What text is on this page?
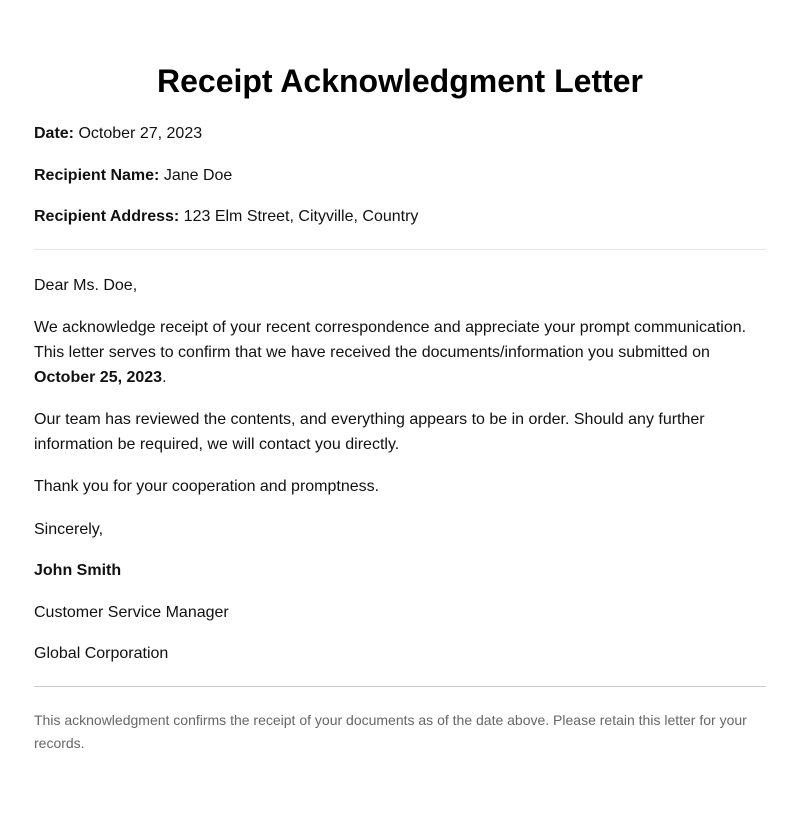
Receipt Acknowledgment Letter
Date: October 27, 2023
Recipient Name: Jane Doe
Recipient Address: 123 Elm Street, Cityville, Country

Dear Ms. Doe,

We acknowledge receipt of your recent correspondence and appreciate your prompt communication. This letter serves to confirm that we have received the documents/information you submitted on October 25, 2023.

Our team has reviewed the contents, and everything appears to be in order. Should any further information be required, we will contact you directly.

Thank you for your cooperation and promptness.

Sincerely,
John Smith
Customer Service Manager
Global Corporation
This acknowledgment confirms the receipt of your documents as of the date above. Please retain this letter for your records.
